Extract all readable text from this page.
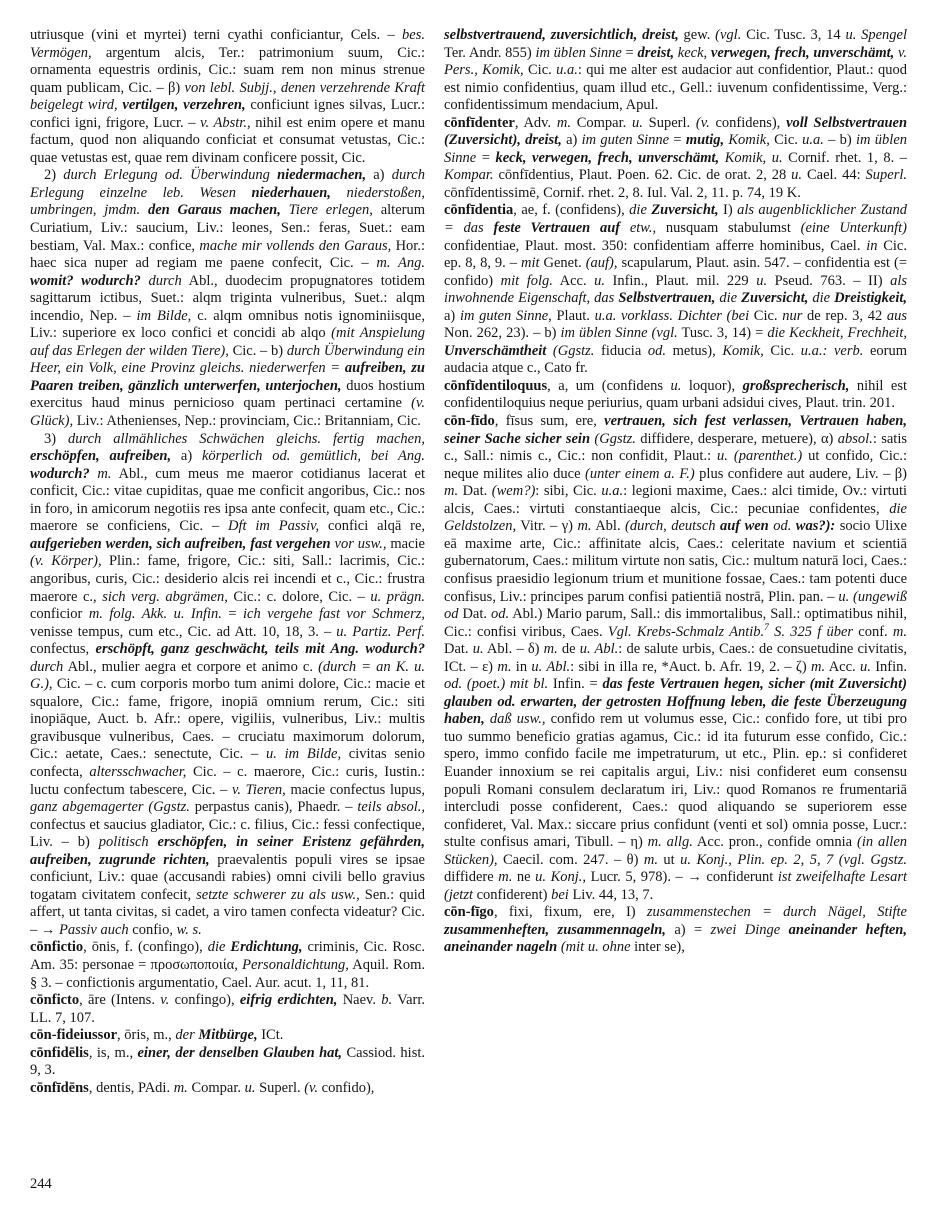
utriusque (vini et myrtei) terni cyathi conficiantur, Cels. – bes. Vermögen, argentum alcis, Ter.: patrimonium suum, Cic.: ornamenta equestris ordinis, Cic.: suam rem non minus strenue quam publicam, Cic. – β) von lebl. Subjj., denen verzehrende Kraft beigelegt wird, vertilgen, verzehren, conficiunt ignes silvas, Lucr.: confici igni, frigore, Lucr. – v. Abstr., nihil est enim opere et manu factum, quod non aliquando conficiat et consumat vetustas, Cic.: quae vetustas est, quae rem divinam conficere possit, Cic.

2) durch Erlegung od. Überwindung niedermachen, a) durch Erlegung einzelne leb. Wesen niederhauen, niederstoßen, umbringen, jmdm. den Garaus machen, Tiere erlegen, alterum Curiatium, Liv.: saucium, Liv.: leones, Sen.: feras, Suet.: eam bestiam, Val. Max.: confice, mache mir vollends den Garaus, Hor.: haec sica nuper ad regiam me paene confecit, Cic. – m. Ang. womit? wodurch? durch Abl., duodecim propugnatores totidem sagittarum ictibus, Suet.: alqm triginta vulneribus, Suet.: alqm incendio, Nep. – im Bilde, c. alqm omnibus notis ignominiisque, Liv.: superiore ex loco confici et concidi ab alqo (mit Anspielung auf das Erlegen der wilden Tiere), Cic. – b) durch Überwindung ein Heer, ein Volk, eine Provinz gleichs. niederwerfen = aufreiben, zu Paaren treiben, gänzlich unterwerfen, unterjochen, duos hostium exercitus haud minus pernicioso quam pertinaci certamine (v. Glück), Liv.: Athenienses, Nep.: provinciam, Cic.: Britanniam, Cic.

3) durch allmähliches Schwächen gleichs. fertig machen, erschöpfen, aufreiben, a) körperlich od. gemütlich, bei Ang. wodurch? m. Abl., cum meus me maeror cotidianus lacerat et conficit, Cic.: vitae cupiditas, quae me conficit angoribus, Cic.: nos in foro, in amicorum negotiis res ipsa ante confecit, quam etc., Cic.: maerore se conficiens, Cic. – Dft im Passiv, confici alqā re, aufgerieben werden, sich aufreiben, fast vergehen vor usw., macie (v. Körper), Plin.: fame, frigore, Cic.: siti, Sall.: lacrimis, Cic.: angoribus, curis, Cic.: desiderio alcis rei incendi et c., Cic.: frustra maerore c., sich verg. abgrämen, Cic.: c. dolore, Cic. – u. prägn. conficior m. folg. Akk. u. Infin. = ich vergehe fast vor Schmerz, venisse tempus, cum etc., Cic. ad Att. 10, 18, 3. – u. Partiz. Perf. confectus, erschöpft, ganz geschwächt, teils mit Ang. wodurch? durch Abl., mulier aegra et corpore et animo c. (durch = an K. u. G.), Cic. – c. cum corporis morbo tum animi dolore, Cic.: macie et squalore, Cic.: fame, frigore, inopiā omnium rerum, Cic.: siti inopiāque, Auct. b. Afr.: opere, vigiliis, vulneribus, Liv.: multis gravibusque vulneribus, Caes. – cruciatu maximorum dolorum, Cic.: aetate, Caes.: senectute, Cic. – u. im Bilde, civitas senio confecta, altersschwacher, Cic. – c. maerore, Cic.: curis, Iustin.: luctu confectum tabescere, Cic. – v. Tieren, macie confectus lupus, ganz abgemagerter (Ggstz. perpastus canis), Phaedr. – teils absol., confectus et saucius gladiator, Cic.: c. filius, Cic.: fessi confectique, Liv. – b) politisch erschöpfen, in seiner Eristenz gefährden, aufreiben, zugrunde richten, praevalentis populi vires se ipsae conficiunt, Liv.: quae (accusandi rabies) omni civili bello gravius togatam civitatem confecit, setzte schwerer zu als usw., Sen.: quid affert, ut tanta civitas, si cadet, a viro tamen confecta videatur? Cic. – → Passiv auch confio, w. s.

cōnfictio, ōnis, f. (confingo), die Erdichtung, criminis, Cic. Rosc. Am. 35: personae = προσωποποιία, Personaldichtung, Aquil. Rom. § 3. – confictionis argumentatio, Cael. Aur. acut. 1, 11, 81.

cōnficto, āre (Intens. v. confingo), eifrig erdichten, Naev. b. Varr. LL. 7, 107.

cōn-fideiussor, ōris, m., der Mitbürge, ICt.

cōnfidēlis, is, m., einer, der denselben Glauben hat, Cassiod. hist. 9, 3.

cōnfīdēns, dentis, PAdi. m. Compar. u. Superl. (v. confido),

selbstvertrauend, zuversichtlich, dreist, gew. (vgl. Cic. Tusc. 3, 14 u. Spengel Ter. Andr. 855) im üblen Sinne = dreist, keck, verwegen, frech, unverschämt, v. Pers., Komik, Cic. u.a.: qui me alter est audacior aut confidentior, Plaut.: quod est nimio confidentius, quam illud etc., Gell.: iuvenum confidentissime, Verg.: confidentissimum mendacium, Apul.

cōnfīdenter, Adv. m. Compar. u. Superl. (v. confidens), voll Selbstvertrauen (Zuversicht), dreist, a) im guten Sinne = mutig, Komik, Cic. u.a. – b) im üblen Sinne = keck, verwegen, frech, unverschämt, Komik, u. Cornif. rhet. 1, 8. – Kompar. cōnfīdentius, Plaut. Poen. 62. Cic. de orat. 2, 28 u. Cael. 44: Superl. cōnfīdentissimē, Cornif. rhet. 2, 8. Iul. Val. 2, 11. p. 74, 19 K.

cōnfīdentia, ae, f. (confidens), die Zuversicht, I) als augenblicklicher Zustand = das feste Vertrauen auf etw., nusquam stabulumst (eine Unterkunft) confidentiae, Plaut. most. 350: confidentiam afferre hominibus, Cael. in Cic. ep. 8, 8, 9. – mit Genet. (auf), scapularum, Plaut. asin. 547. – confidentia est (= confido) mit folg. Acc. u. Infin., Plaut. mil. 229 u. Pseud. 763. – II) als inwohnende Eigenschaft, das Selbstvertrauen, die Zuversicht, die Dreistigkeit, a) im guten Sinne, Plaut. u.a. vorklass. Dichter (bei Cic. nur de rep. 3, 42 aus Non. 262, 23). – b) im üblen Sinne (vgl. Tusc. 3, 14) = die Keckheit, Frechheit, Unverschämtheit (Ggstz. fiducia od. metus), Komik, Cic. u.a.: verb. eorum audacia atque c., Cato fr.

cōnfīdentiloquus, a, um (confidens u. loquor), großsprecherisch, nihil est confidentiloquius neque periurius, quam urbani adsidui cives, Plaut. trin. 201.

cōn-fīdo, fīsus sum, ere, vertrauen, sich fest verlassen, Vertrauen haben, seiner Sache sicher sein (Ggstz. diffidere, desperare, metuere), α) absol.: satis c., Sall.: nimis c., Cic.: non confidit, Plaut.: u. (parenthet.) ut confido, Cic.: neque milites alio duce (unter einem a. F.) plus confidere aut audere, Liv. – β) m. Dat. (wem?): sibi, Cic. u.a.: legioni maxime, Caes.: alci timide, Ov.: virtuti alcis, Caes.: virtuti constantiaeque alcis, Cic.: pecuniae confidentes, die Geldstolzen, Vitr. – γ) m. Abl. (durch, deutsch auf wen od. was?): socio Ulixe eā maxime arte, Cic.: affinitate alcis, Caes.: celeritate navium et scientiā gubernatorum, Caes.: militum virtute non satis, Cic.: multum naturā loci, Caes.: confisus praesidio legionum trium et munitione fossae, Caes.: tam potenti duce confisus, Liv.: principes parum confisi patientiā nostrā, Plin. pan. – u. (ungewiß od Dat. od. Abl.) Mario parum, Sall.: dis immortalibus, Sall.: optimatibus nihil, Cic.: confisi viribus, Caes. Vgl. Krebs-Schmalz Antib.$^7$ S. 325 f über conf. m. Dat. u. Abl. – δ) m. de u. Abl.: de salute urbis, Caes.: de consuetudine civitatis, ICt. – ε) m. in u. Abl.: sibi in illa re, *Auct. b. Afr. 19, 2. – ζ) m. Acc. u. Infin. od. (poet.) mit bl. Infin. = das feste Vertrauen hegen, sicher (mit Zuversicht) glauben od. erwarten, der getrosten Hoffnung leben, die feste Überzeugung haben, daß usw., confido rem ut volumus esse, Cic.: confido fore, ut tibi pro tuo summo beneficio gratias agamus, Cic.: id ita futurum esse confido, Cic.: spero, immo confido facile me impetraturum, ut etc., Plin. ep.: si confideret Euander innoxium se rei capitalis argui, Liv.: nisi confideret eum consensu populi Romani consulem declaratum iri, Liv.: quod Romanos re frumentariā intercludi posse confiderent, Caes.: quod aliquando se superiorem esse confideret, Val. Max.: siccare prius confidunt (venti et sol) omnia posse, Lucr.: stulte confisus amari, Tibull. – η) m. allg. Acc. pron., confide omnia (in allen Stücken), Caecil. com. 247. – θ) m. ut u. Konj., Plin. ep. 2, 5, 7 (vgl. Ggstz. diffidere m. ne u. Konj., Lucr. 5, 978). – → confiderunt ist zweifelhafte Lesart (jetzt confiderent) bei Liv. 44, 13, 7.

cōn-fīgo, fixi, fixum, ere, I) zusammenstechen = durch Nägel, Stifte zusammenheften, zusammennageln, a) = zwei Dinge aneinander heften, aneinander nageln (mit u. ohne inter se),

244
